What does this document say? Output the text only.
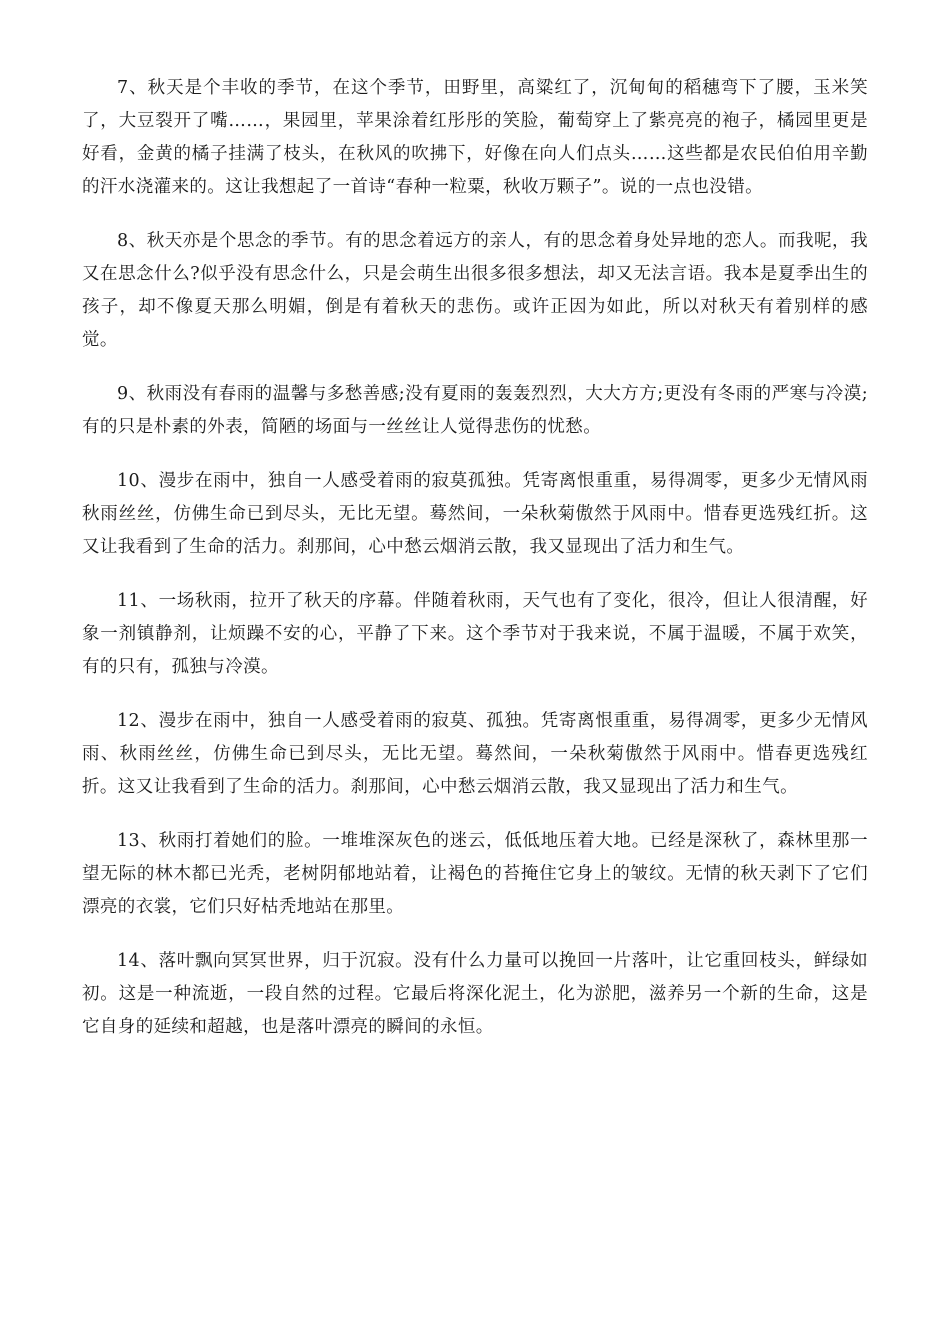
7、秋天是个丰收的季节，在这个季节，田野里，高粱红了，沉甸甸的稻穗弯下了腰，玉米笑了，大豆裂开了嘴……，果园里，苹果涂着红彤彤的笑脸，葡萄穿上了紫亮亮的袍子，橘园里更是好看，金黄的橘子挂满了枝头，在秋风的吹拂下，好像在向人们点头……这些都是农民伯伯用辛勤的汗水浇灌来的。这让我想起了一首诗“春种一粒粟，秋收万颗子”。说的一点也没错。

8、秋天亦是个思念的季节。有的思念着远方的亲人，有的思念着身处异地的恋人。而我呢，我又在思念什么?似乎没有思念什么，只是会萌生出很多很多想法，却又无法言语。我本是夏季出生的孩子，却不像夏天那么明媚，倒是有着秋天的悲伤。或许正因为如此，所以对秋天有着别样的感觉。

9、秋雨没有春雨的温馨与多愁善感;没有夏雨的轰轰烈烈，大大方方;更没有冬雨的严寒与冷漠;有的只是朴素的外表，简陋的场面与一丝丝让人觉得悲伤的忧愁。

10、漫步在雨中，独自一人感受着雨的寂莫孤独。凭寄离恨重重，易得凋零，更多少无情风雨秋雨丝丝，仿佛生命已到尽头，无比无望。蓦然间，一朵秋菊傲然于风雨中。惜春更选残红折。这又让我看到了生命的活力。刹那间，心中愁云烟消云散，我又显现出了活力和生气。

11、一场秋雨，拉开了秋天的序幕。伴随着秋雨，天气也有了变化，很冷，但让人很清醒，好象一剂镇静剂，让烦躁不安的心，平静了下来。这个季节对于我来说，不属于温暖，不属于欢笑，有的只有，孤独与冷漠。

12、漫步在雨中，独自一人感受着雨的寂莫、孤独。凭寄离恨重重，易得凋零，更多少无情风雨、秋雨丝丝，仿佛生命已到尽头，无比无望。蓦然间，一朵秋菊傲然于风雨中。惜春更选残红折。这又让我看到了生命的活力。刹那间，心中愁云烟消云散，我又显现出了活力和生气。

13、秋雨打着她们的脸。一堆堆深灰色的迷云，低低地压着大地。已经是深秋了，森林里那一望无际的林木都已光秃，老树阴郁地站着，让褐色的苔掩住它身上的皱纹。无情的秋天剥下了它们漂亮的衣裳，它们只好枯秃地站在那里。

14、落叶飘向冥冥世界，归于沉寂。没有什么力量可以挽回一片落叶，让它重回枝头，鲜绿如初。这是一种流逝，一段自然的过程。它最后将深化泥土，化为淤肥，滋养另一个新的生命，这是它自身的延续和超越，也是落叶漂亮的瞬间的永恒。
